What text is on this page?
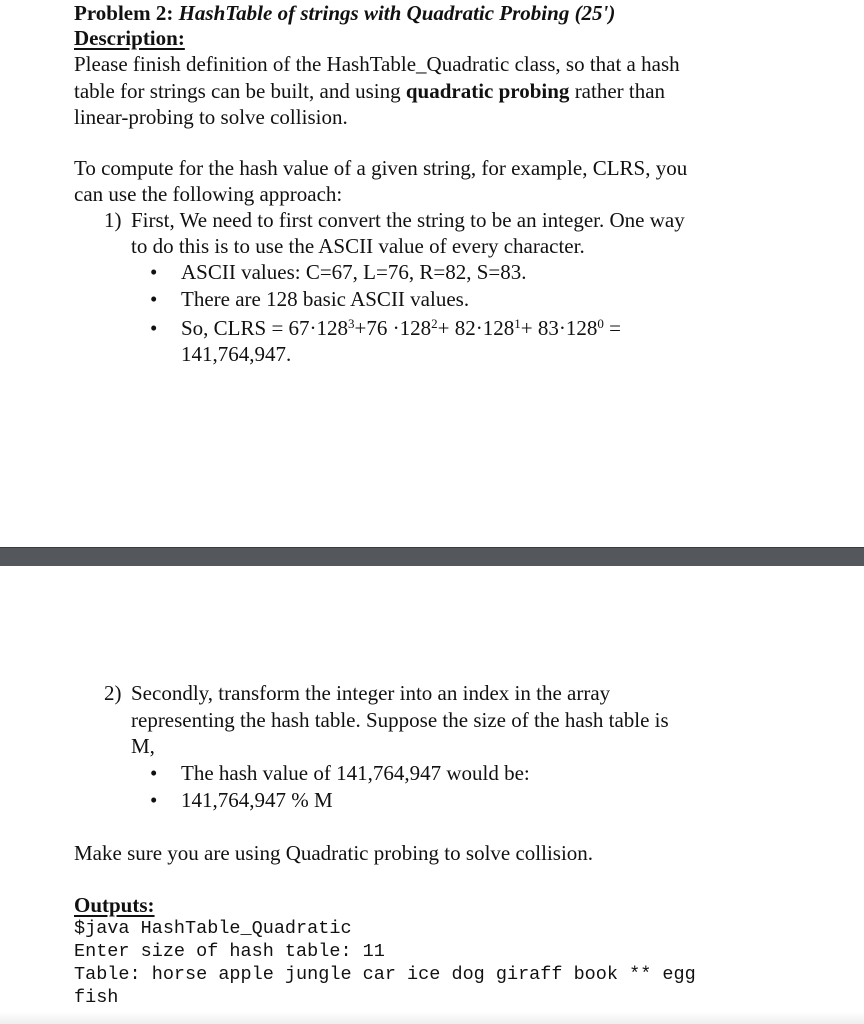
Problem 2: HashTable of strings with Quadratic Probing (25')
Description:
Please finish definition of the HashTable_Quadratic class, so that a hash
table for strings can be built, and using quadratic probing rather than
linear-probing to solve collision.
To compute for the hash value of a given string, for example, CLRS, you
can use the following approach:
1) First, We need to first convert the string to be an integer. One way
to do this is to use the ASCII value of every character.
• ASCII values: C=67, L=76, R=82, S=83.
• There are 128 basic ASCII values.
• So, CLRS = $67\cdot 128^3+76 \cdot 128^2+ 82\cdot 128^1+ 83\cdot 128^0$ =
141,764,947.
2) Secondly, transform the integer into an index in the array
representing the hash table. Suppose the size of the hash table is
M,
• The hash value of 141,764,947 would be:
• 141,764,947 % M
Make sure you are using Quadratic probing to solve collision.
Outputs:
$java HashTable_Quadratic
Enter size of hash table: 11
Table: horse apple jungle car ice dog giraff book ** egg
fish
